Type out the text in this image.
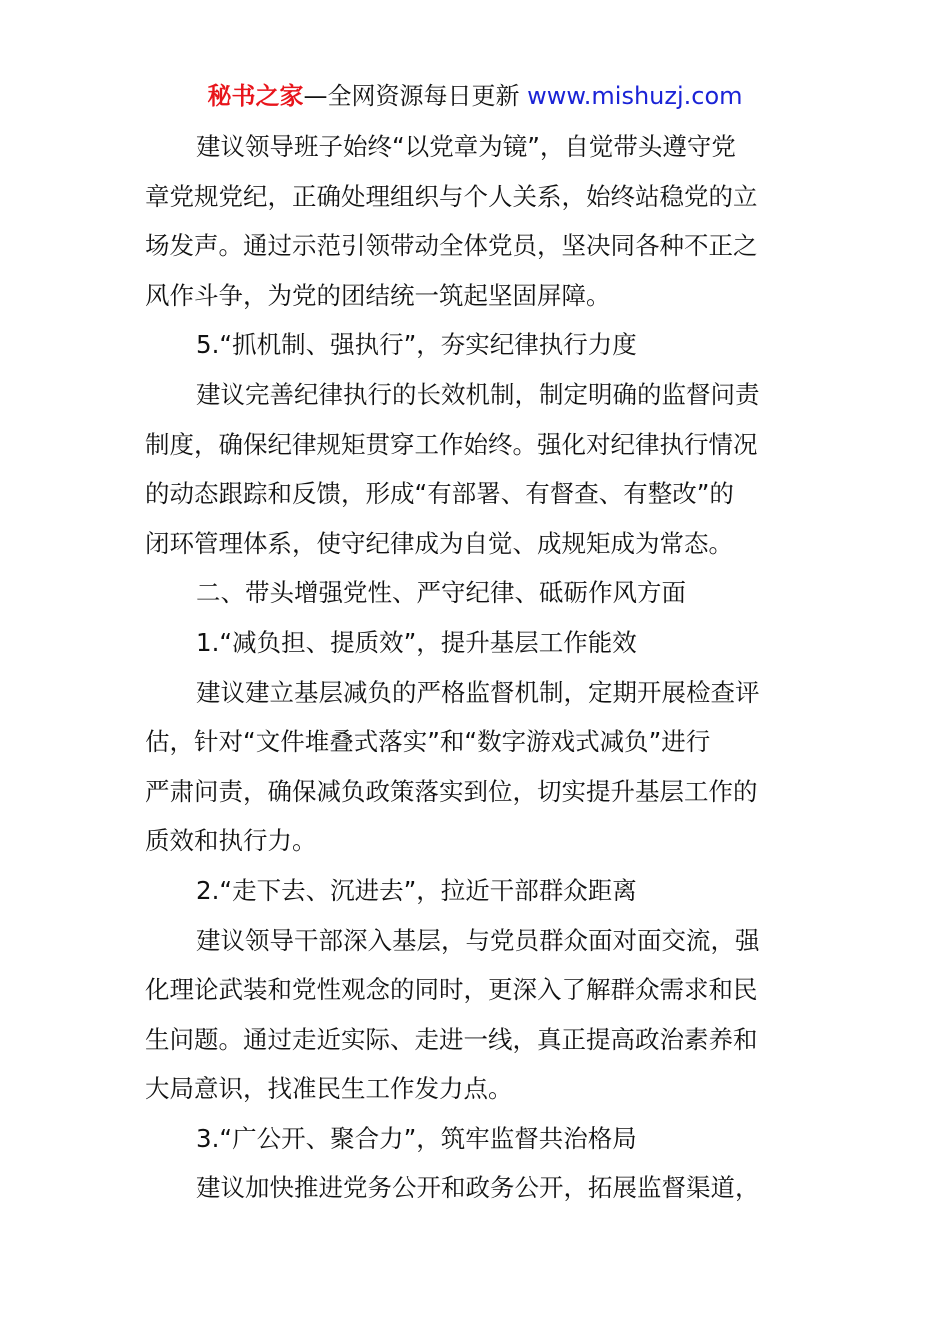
秘书之家—全网资源每日更新 www.mishuzj.com
建议领导班子始终“以党章为镜”，自觉带头遵守党
章党规党纪，正确处理组织与个人关系，始终站稳党的立
场发声。通过示范引领带动全体党员，坚决同各种不正之
风作斗争，为党的团结统一筑起坚固屏障。
5.“抓机制、强执行”，夯实纪律执行力度
建议完善纪律执行的长效机制，制定明确的监督问责
制度，确保纪律规矩贯穿工作始终。强化对纪律执行情况
的动态跟踪和反馈，形成“有部署、有督查、有整改”的
闭环管理体系，使守纪律成为自觉、成规矩成为常态。
二、带头增强党性、严守纪律、砥砺作风方面
1.“减负担、提质效”，提升基层工作能效
建议建立基层减负的严格监督机制，定期开展检查评
估，针对“文件堆叠式落实”和“数字游戏式减负”进行
严肃问责，确保减负政策落实到位，切实提升基层工作的
质效和执行力。
2.“走下去、沉进去”，拉近干部群众距离
建议领导干部深入基层，与党员群众面对面交流，强
化理论武装和党性观念的同时，更深入了解群众需求和民
生问题。通过走近实际、走进一线，真正提高政治素养和
大局意识，找准民生工作发力点。
3.“广公开、聚合力”，筑牢监督共治格局
建议加快推进党务公开和政务公开，拓展监督渠道，
